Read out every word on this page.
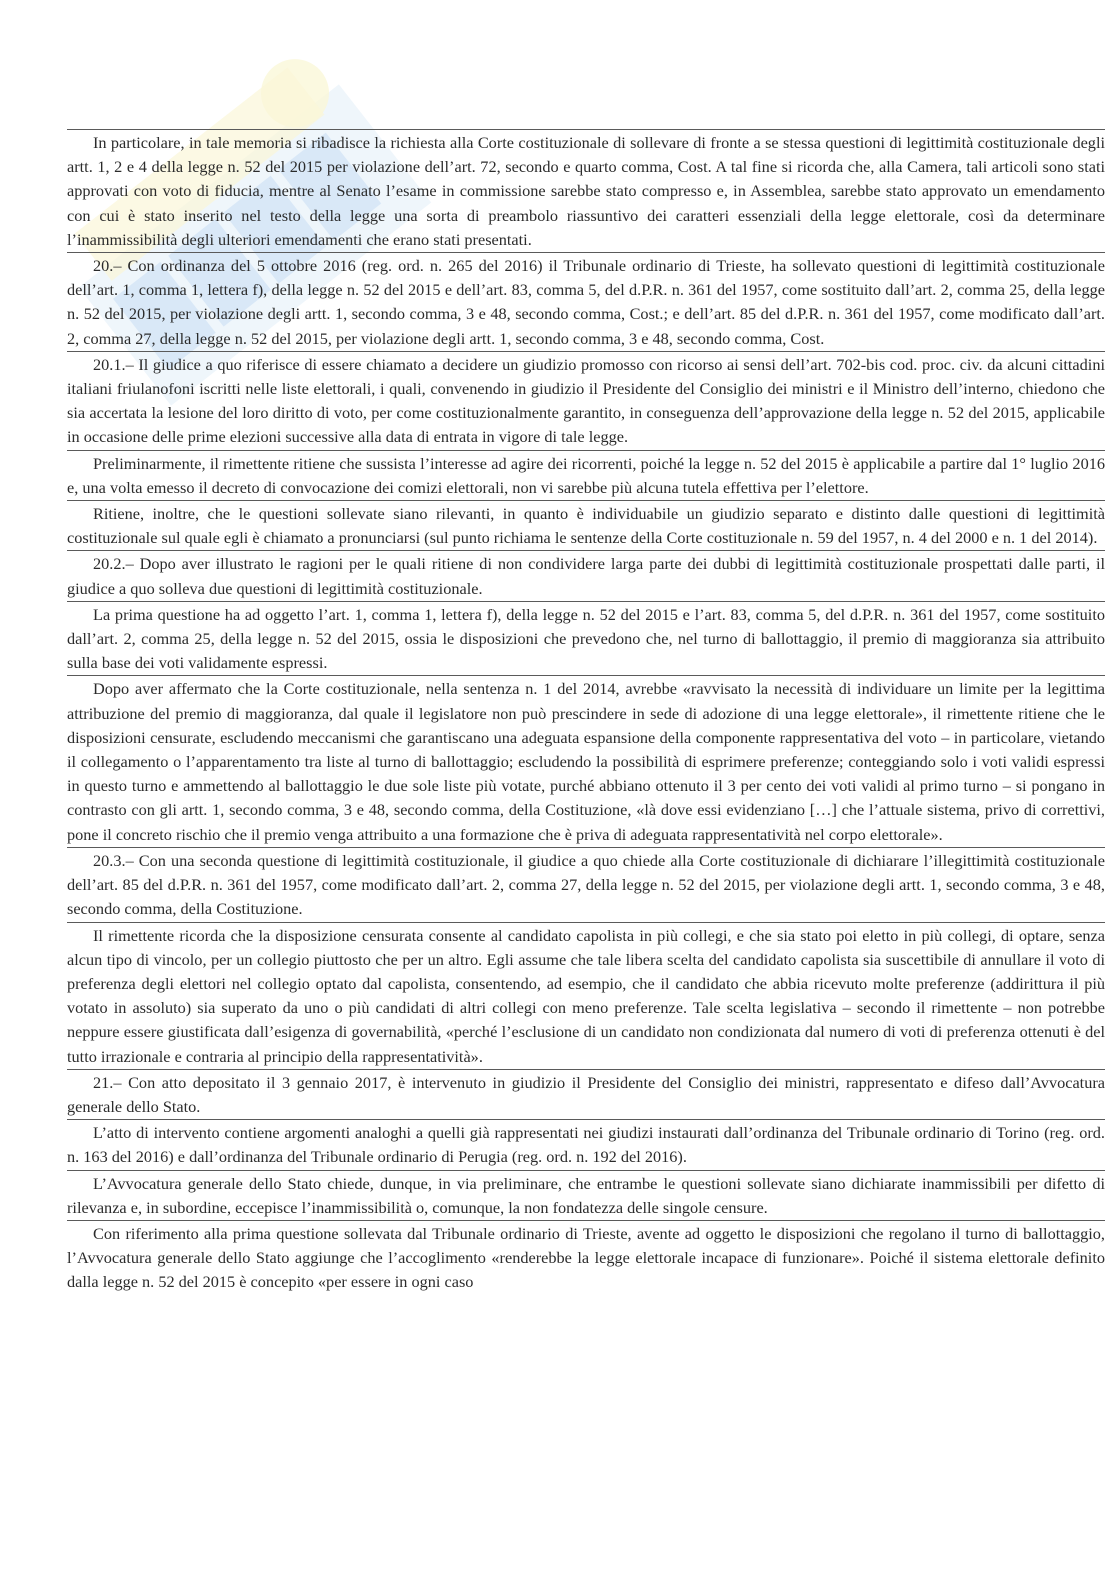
In particolare, in tale memoria si ribadisce la richiesta alla Corte costituzionale di sollevare di fronte a se stessa questioni di legittimità costituzionale degli artt. 1, 2 e 4 della legge n. 52 del 2015 per violazione dell’art. 72, secondo e quarto comma, Cost. A tal fine si ricorda che, alla Camera, tali articoli sono stati approvati con voto di fiducia, mentre al Senato l’esame in commissione sarebbe stato compresso e, in Assemblea, sarebbe stato approvato un emendamento con cui è stato inserito nel testo della legge una sorta di preambolo riassuntivo dei caratteri essenziali della legge elettorale, così da determinare l’inammissibilità degli ulteriori emendamenti che erano stati presentati.

20.– Con ordinanza del 5 ottobre 2016 (reg. ord. n. 265 del 2016) il Tribunale ordinario di Trieste, ha sollevato questioni di legittimità costituzionale dell’art. 1, comma 1, lettera f), della legge n. 52 del 2015 e dell’art. 83, comma 5, del d.P.R. n. 361 del 1957, come sostituito dall’art. 2, comma 25, della legge n. 52 del 2015, per violazione degli artt. 1, secondo comma, 3 e 48, secondo comma, Cost.; e dell’art. 85 del d.P.R. n. 361 del 1957, come modificato dall’art. 2, comma 27, della legge n. 52 del 2015, per violazione degli artt. 1, secondo comma, 3 e 48, secondo comma, Cost.

20.1.– Il giudice a quo riferisce di essere chiamato a decidere un giudizio promosso con ricorso ai sensi dell’art. 702-bis cod. proc. civ. da alcuni cittadini italiani friulanofoni iscritti nelle liste elettorali, i quali, convenendo in giudizio il Presidente del Consiglio dei ministri e il Ministro dell’interno, chiedono che sia accertata la lesione del loro diritto di voto, per come costituzionalmente garantito, in conseguenza dell’approvazione della legge n. 52 del 2015, applicabile in occasione delle prime elezioni successive alla data di entrata in vigore di tale legge.

Preliminarmente, il rimettente ritiene che sussista l’interesse ad agire dei ricorrenti, poiché la legge n. 52 del 2015 è applicabile a partire dal 1° luglio 2016 e, una volta emesso il decreto di convocazione dei comizi elettorali, non vi sarebbe più alcuna tutela effettiva per l’elettore.

Ritiene, inoltre, che le questioni sollevate siano rilevanti, in quanto è individuabile un giudizio separato e distinto dalle questioni di legittimità costituzionale sul quale egli è chiamato a pronunciarsi (sul punto richiama le sentenze della Corte costituzionale n. 59 del 1957, n. 4 del 2000 e n. 1 del 2014).

20.2.– Dopo aver illustrato le ragioni per le quali ritiene di non condividere larga parte dei dubbi di legittimità costituzionale prospettati dalle parti, il giudice a quo solleva due questioni di legittimità costituzionale.

La prima questione ha ad oggetto l’art. 1, comma 1, lettera f), della legge n. 52 del 2015 e l’art. 83, comma 5, del d.P.R. n. 361 del 1957, come sostituito dall’art. 2, comma 25, della legge n. 52 del 2015, ossia le disposizioni che prevedono che, nel turno di ballottaggio, il premio di maggioranza sia attribuito sulla base dei voti validamente espressi.

Dopo aver affermato che la Corte costituzionale, nella sentenza n. 1 del 2014, avrebbe «ravvisato la necessità di individuare un limite per la legittima attribuzione del premio di maggioranza, dal quale il legislatore non può prescindere in sede di adozione di una legge elettorale», il rimettente ritiene che le disposizioni censurate, escludendo meccanismi che garantiscano una adeguata espansione della componente rappresentativa del voto – in particolare, vietando il collegamento o l’apparentamento tra liste al turno di ballottaggio; escludendo la possibilità di esprimere preferenze; conteggiando solo i voti validi espressi in questo turno e ammettendo al ballottaggio le due sole liste più votate, purché abbiano ottenuto il 3 per cento dei voti validi al primo turno – si pongano in contrasto con gli artt. 1, secondo comma, 3 e 48, secondo comma, della Costituzione, «là dove essi evidenziano […] che l’attuale sistema, privo di correttivi, pone il concreto rischio che il premio venga attribuito a una formazione che è priva di adeguata rappresentatività nel corpo elettorale».

20.3.– Con una seconda questione di legittimità costituzionale, il giudice a quo chiede alla Corte costituzionale di dichiarare l’illegittimità costituzionale dell’art. 85 del d.P.R. n. 361 del 1957, come modificato dall’art. 2, comma 27, della legge n. 52 del 2015, per violazione degli artt. 1, secondo comma, 3 e 48, secondo comma, della Costituzione.

Il rimettente ricorda che la disposizione censurata consente al candidato capolista in più collegi, e che sia stato poi eletto in più collegi, di optare, senza alcun tipo di vincolo, per un collegio piuttosto che per un altro. Egli assume che tale libera scelta del candidato capolista sia suscettibile di annullare il voto di preferenza degli elettori nel collegio optato dal capolista, consentendo, ad esempio, che il candidato che abbia ricevuto molte preferenze (addirittura il più votato in assoluto) sia superato da uno o più candidati di altri collegi con meno preferenze. Tale scelta legislativa – secondo il rimettente – non potrebbe neppure essere giustificata dall’esigenza di governabilità, «perché l’esclusione di un candidato non condizionata dal numero di voti di preferenza ottenuti è del tutto irrazionale e contraria al principio della rappresentatività».

21.– Con atto depositato il 3 gennaio 2017, è intervenuto in giudizio il Presidente del Consiglio dei ministri, rappresentato e difeso dall’Avvocatura generale dello Stato.

L’atto di intervento contiene argomenti analoghi a quelli già rappresentati nei giudizi instaurati dall’ordinanza del Tribunale ordinario di Torino (reg. ord. n. 163 del 2016) e dall’ordinanza del Tribunale ordinario di Perugia (reg. ord. n. 192 del 2016).

L’Avvocatura generale dello Stato chiede, dunque, in via preliminare, che entrambe le questioni sollevate siano dichiarate inammissibili per difetto di rilevanza e, in subordine, eccepisce l’inammissibilità o, comunque, la non fondatezza delle singole censure.

Con riferimento alla prima questione sollevata dal Tribunale ordinario di Trieste, avente ad oggetto le disposizioni che regolano il turno di ballottaggio, l’Avvocatura generale dello Stato aggiunge che l’accoglimento «renderebbe la legge elettorale incapace di funzionare». Poiché il sistema elettorale definito dalla legge n. 52 del 2015 è concepito «per essere in ogni caso
